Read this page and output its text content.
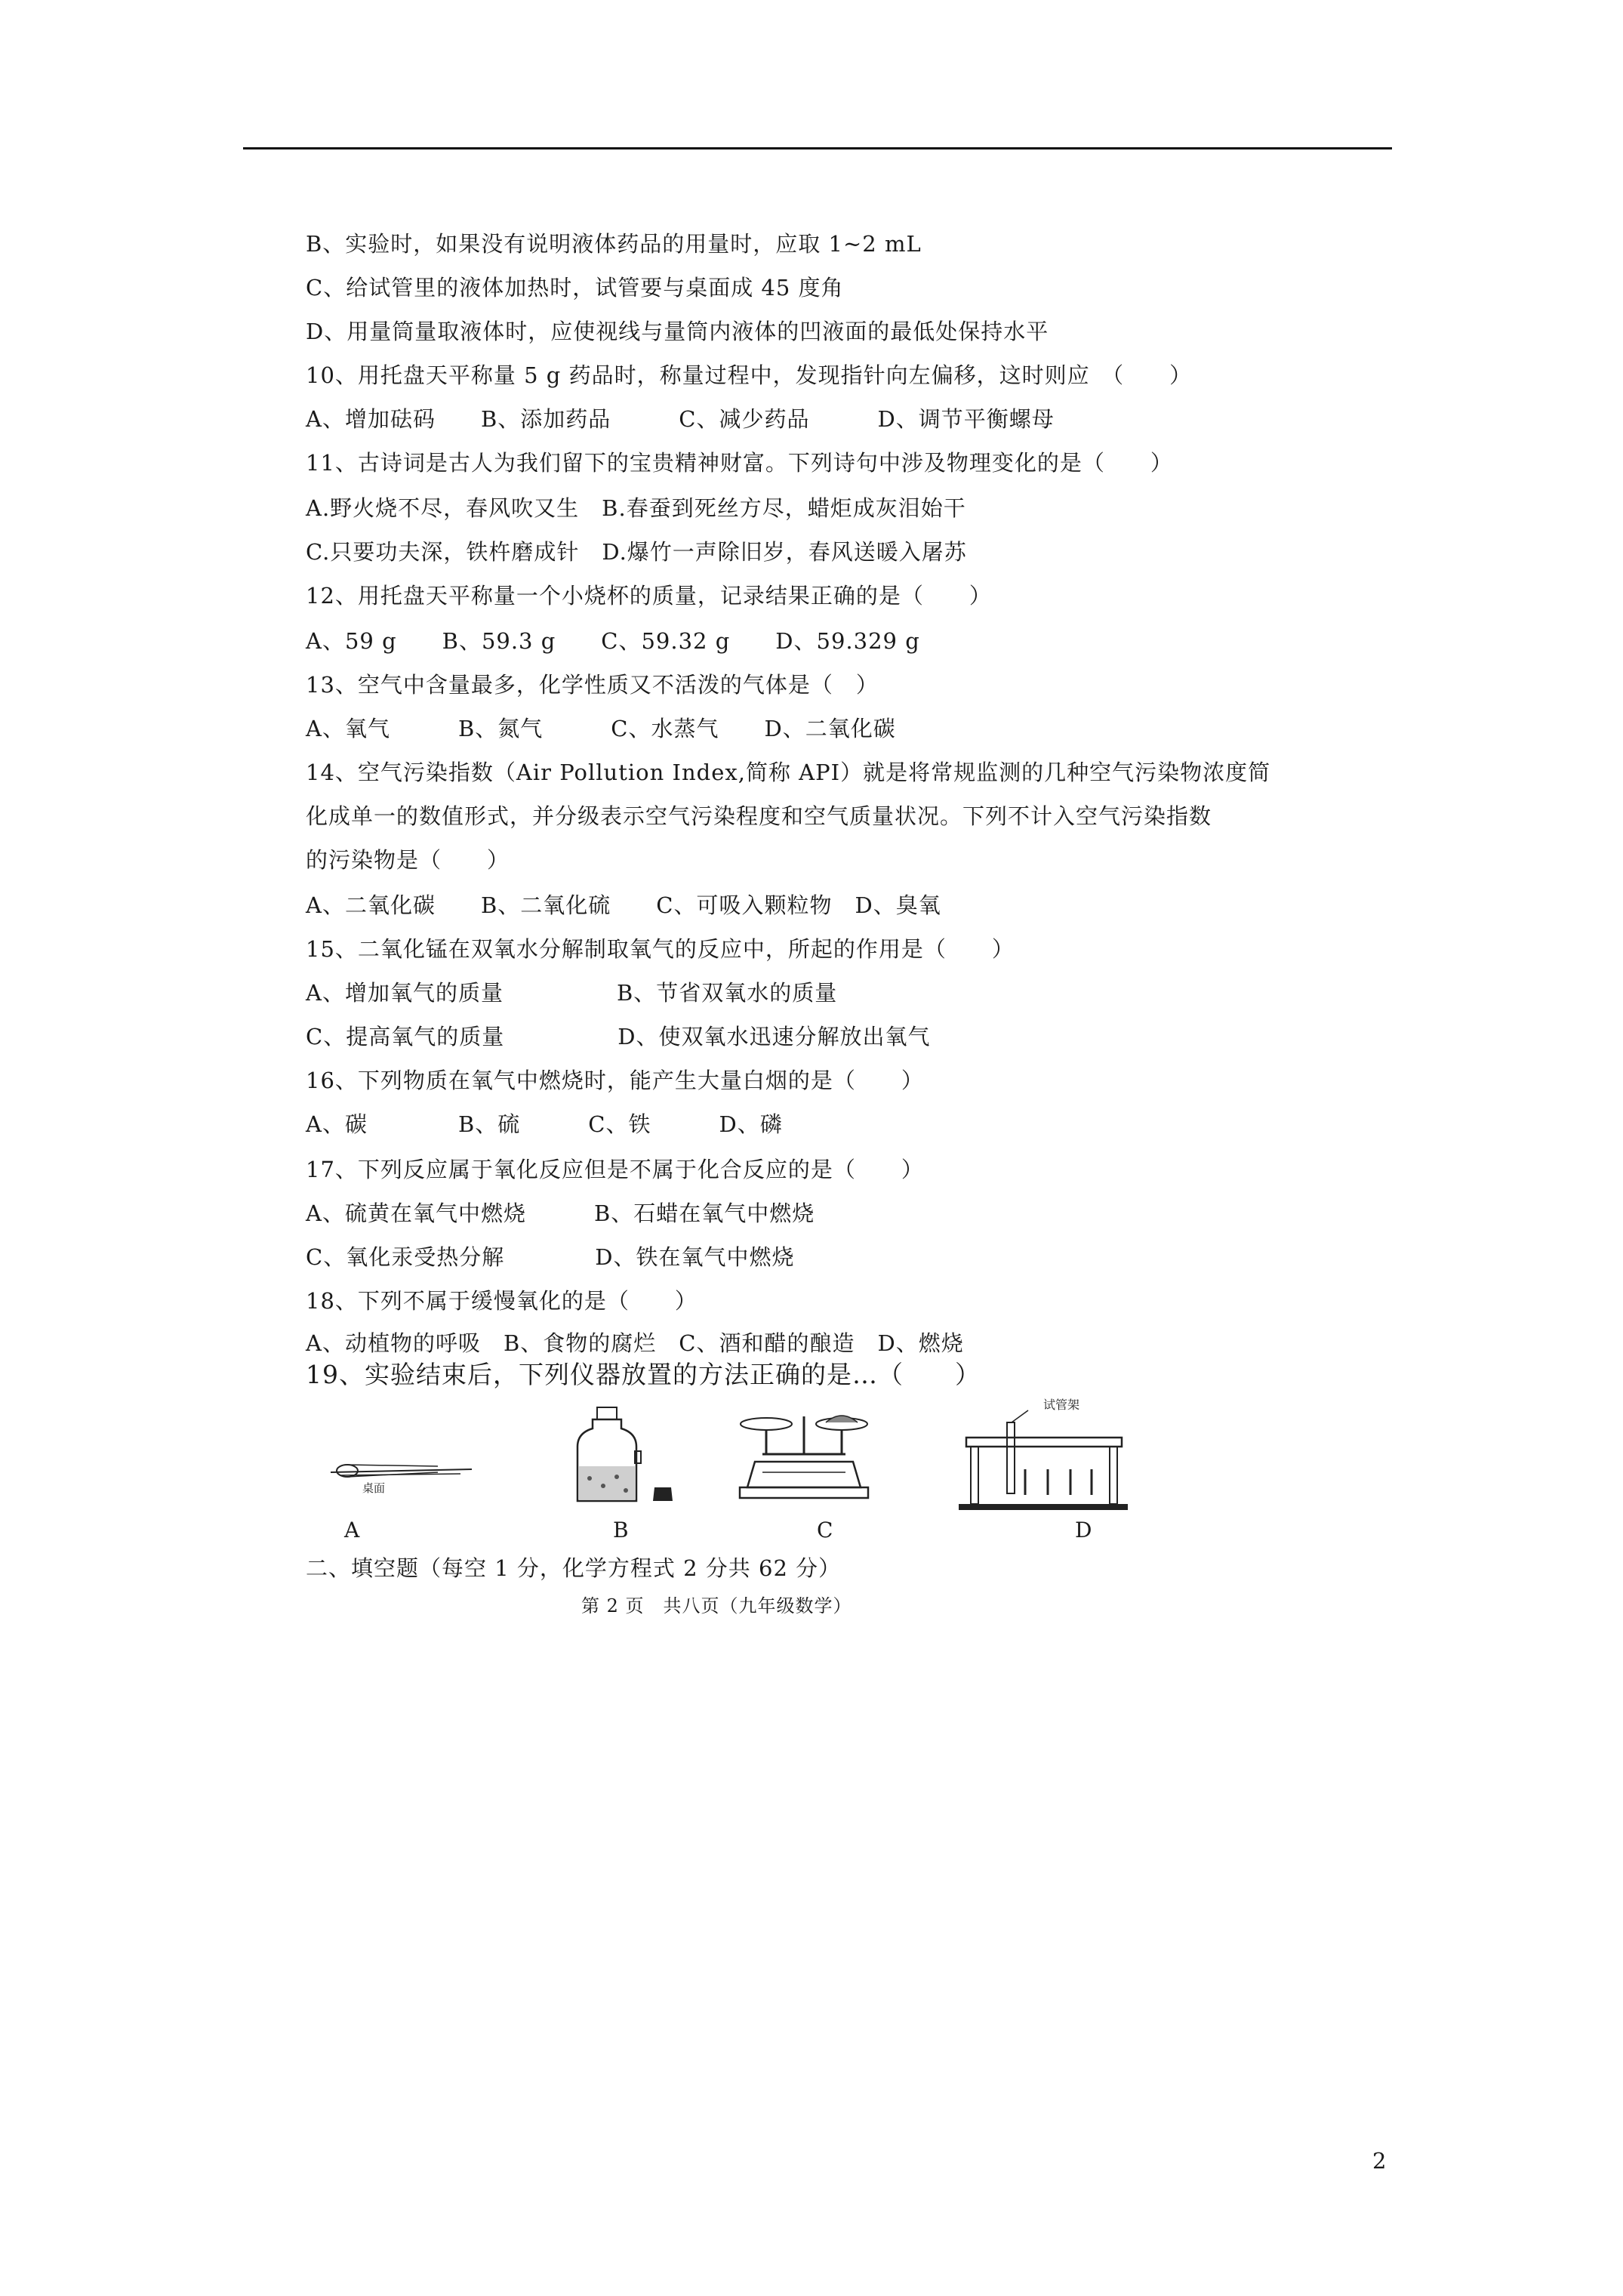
B、实验时，如果没有说明液体药品的用量时，应取 1~2 mL
C、给试管里的液体加热时，试管要与桌面成 45 度角
D、用量筒量取液体时，应使视线与量筒内液体的凹液面的最低处保持水平
10、用托盘天平称量 5 g 药品时，称量过程中，发现指针向左偏移，这时则应　（　　）
A、增加砝码　　B、添加药品　　　C、减少药品　　　D、调节平衡螺母
11、古诗词是古人为我们留下的宝贵精神财富。下列诗句中涉及物理变化的是（　　）
A.野火烧不尽，春风吹又生　B.春蚕到死丝方尽，蜡炬成灰泪始干
C.只要功夫深，铁杵磨成针　D.爆竹一声除旧岁，春风送暖入屠苏
12、用托盘天平称量一个小烧杯的质量，记录结果正确的是（　　）
A、59 g　　B、59.3 g　　C、59.32 g　　D、59.329 g
13、空气中含量最多，化学性质又不活泼的气体是（　）
A、氧气　　　B、氮气　　　C、水蒸气　　D、二氧化碳
14、空气污染指数（Air Pollution Index,简称 API）就是将常规监测的几种空气污染物浓度简
化成单一的数值形式，并分级表示空气污染程度和空气质量状况。下列不计入空气污染指数
的污染物是（　　）
A、二氧化碳　　B、二氧化硫　　C、可吸入颗粒物　D、臭氧
15、二氧化锰在双氧水分解制取氧气的反应中，所起的作用是（　　）
A、增加氧气的质量　　　　　B、节省双氧水的质量
C、提高氧气的质量　　　　　D、使双氧水迅速分解放出氧气
16、下列物质在氧气中燃烧时，能产生大量白烟的是（　　）
A、碳　　　　B、硫　　　C、铁　　　D、磷
17、下列反应属于氧化反应但是不属于化合反应的是（　　）
A、硫黄在氧气中燃烧　　　B、石蜡在氧气中燃烧
C、氧化汞受热分解　　　　D、铁在氧气中燃烧
18、下列不属于缓慢氧化的是（　　）
A、动植物的呼吸　B、食物的腐烂　C、酒和醋的酿造　D、燃烧
19、实验结束后，下列仪器放置的方法正确的是…（　　）
桌面
A	B	C
试管架
D
二、填空题（每空 1 分，化学方程式 2 分共 62 分）
第 2 页　共八页（九年级数学）
2
